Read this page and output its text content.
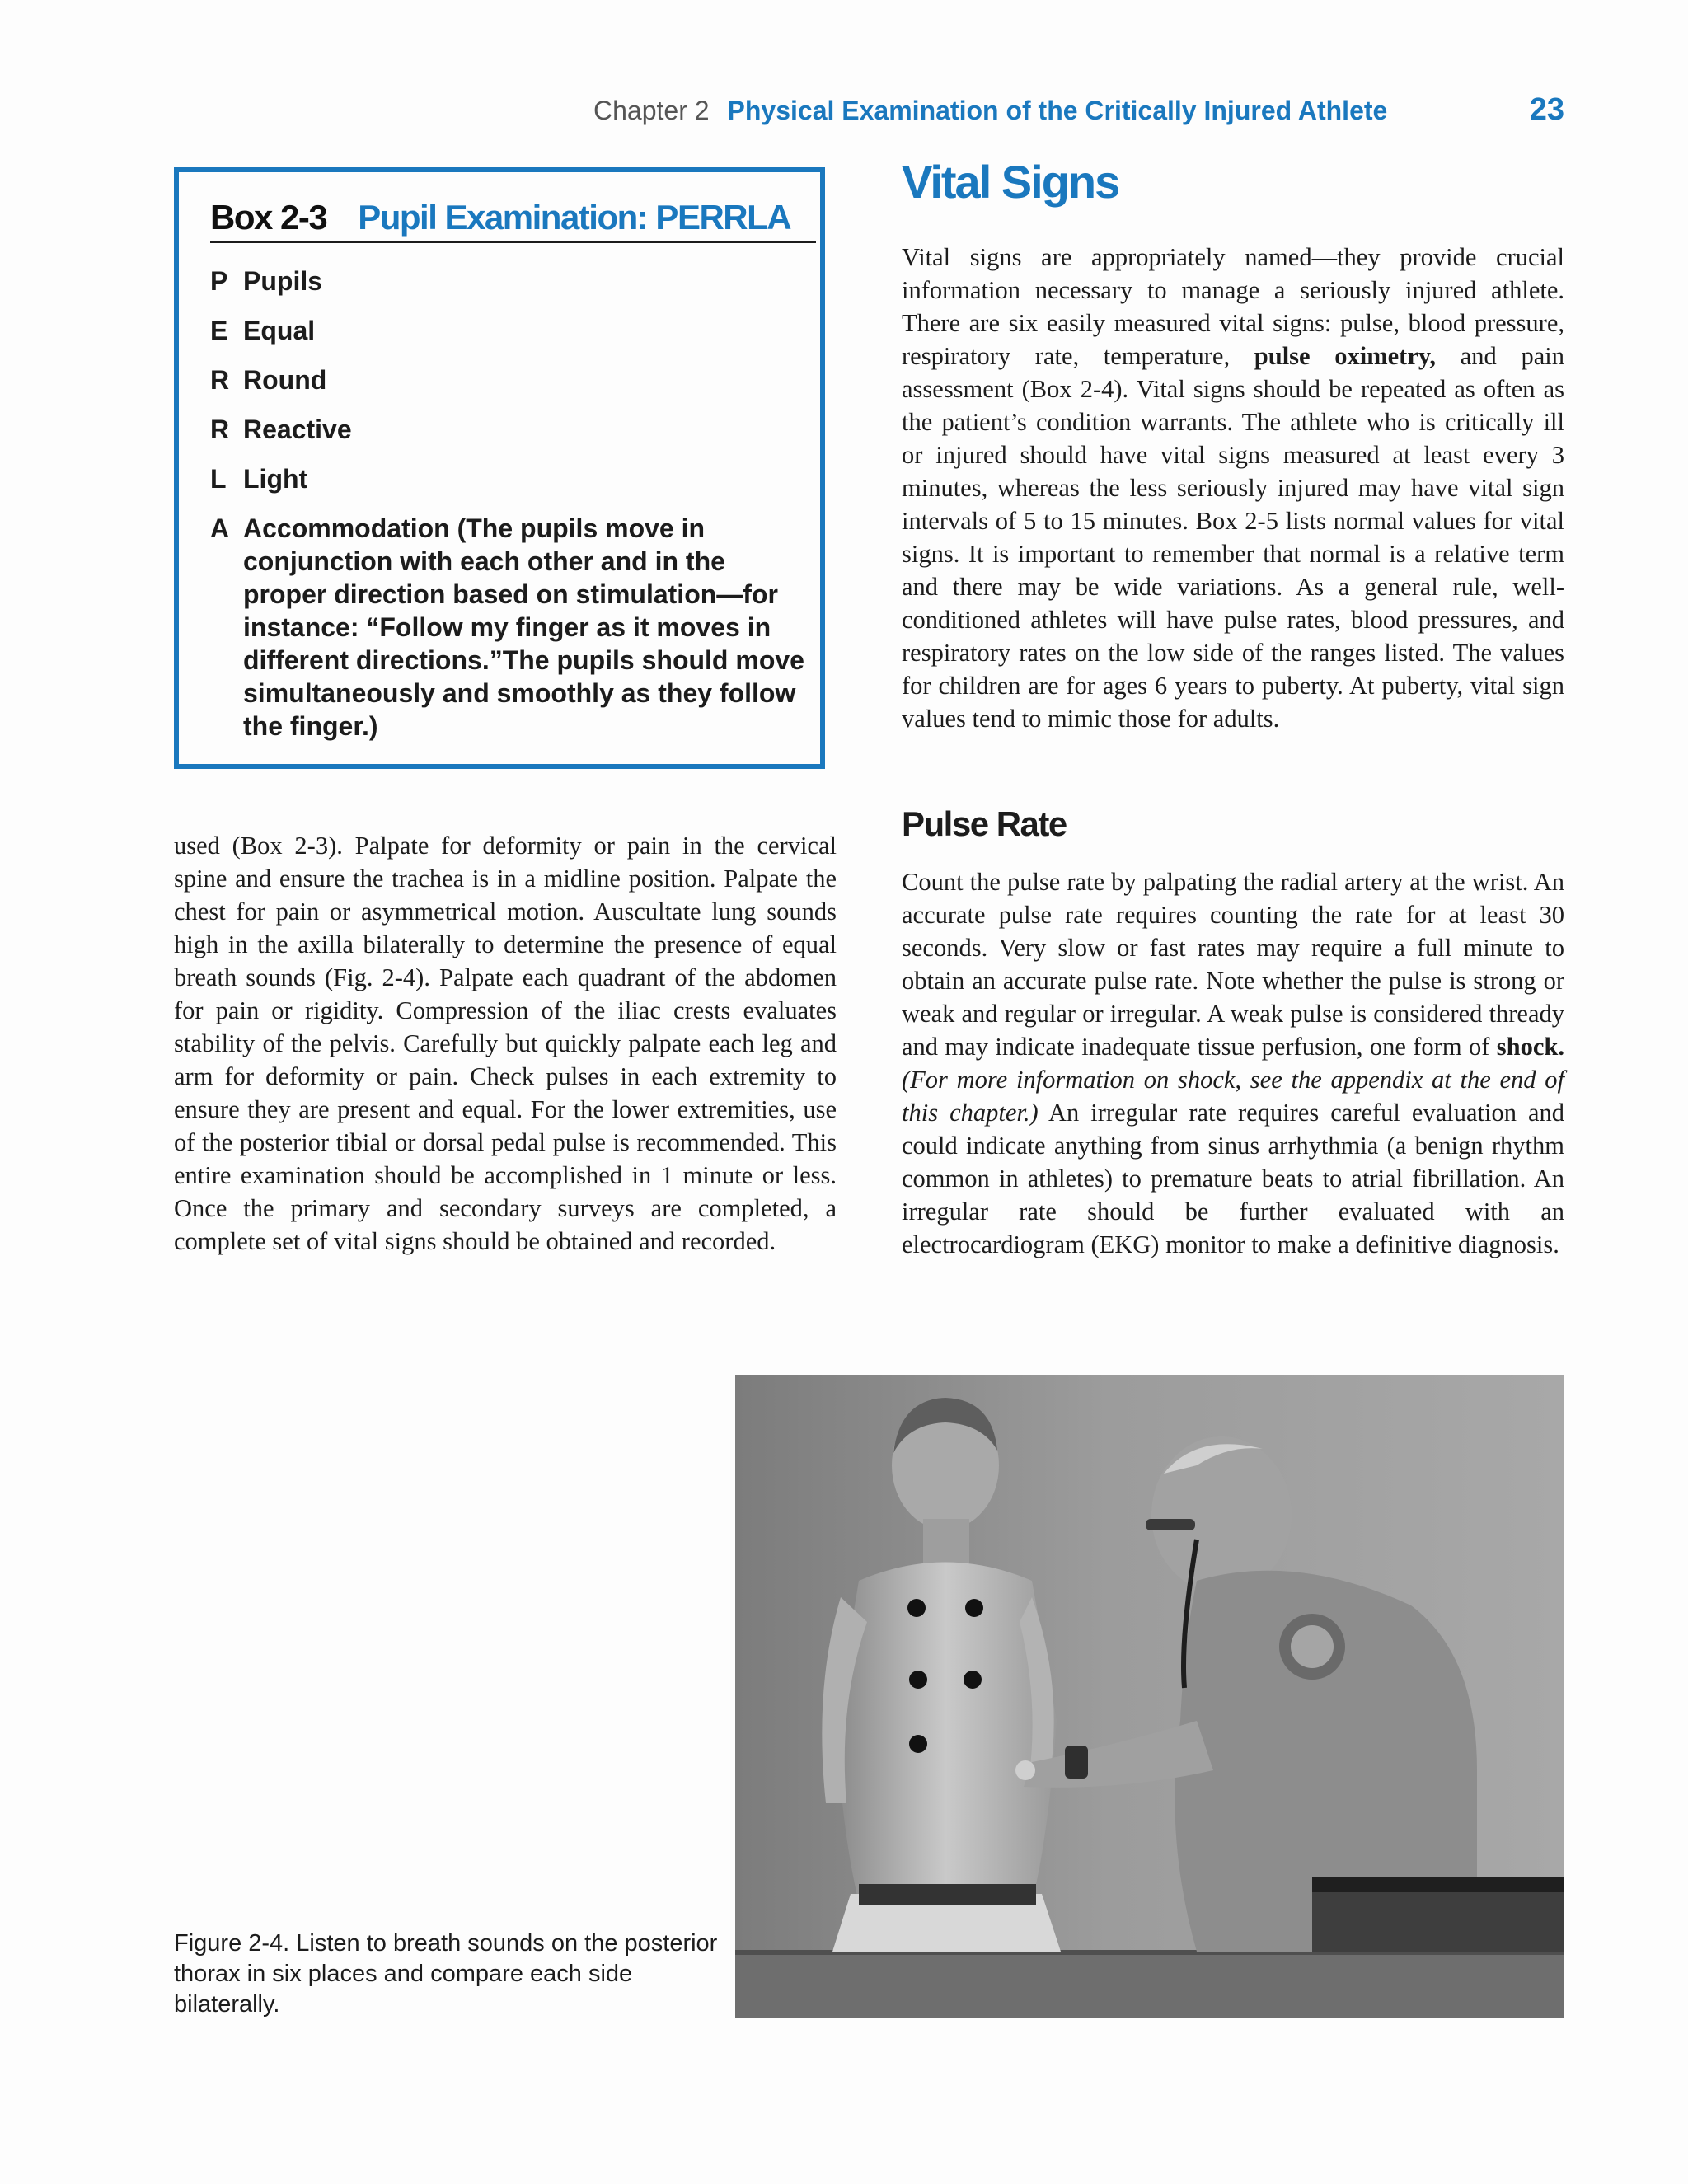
Chapter 2 Physical Examination of the Critically Injured Athlete	23
Box 2-3 Pupil Examination: PERRLA
P Pupils
E Equal
R Round
R Reactive
L Light
A Accommodation (The pupils move in conjunction with each other and in the proper direction based on stimulation—for instance: “Follow my finger as it moves in different directions.”The pupils should move simultaneously and smoothly as they follow the finger.)

used (Box 2-3). Palpate for deformity or pain in the cervical spine and ensure the trachea is in a midline position. Palpate the chest for pain or asymmetrical motion. Auscultate lung sounds high in the axilla bilaterally to determine the presence of equal breath sounds (Fig. 2-4). Palpate each quadrant of the abdomen for pain or rigidity. Compression of the iliac crests evaluates stability of the pelvis. Carefully but quickly palpate each leg and arm for deformity or pain. Check pulses in each extremity to ensure they are present and equal. For the lower extremities, use of the posterior tibial or dorsal pedal pulse is recommended. This entire examination should be accomplished in 1 minute or less. Once the primary and secondary surveys are completed, a complete set of vital signs should be obtained and recorded.

Vital Signs

Vital signs are appropriately named—they provide crucial information necessary to manage a seriously injured athlete. There are six easily measured vital signs: pulse, blood pressure, respiratory rate, temperature, pulse oximetry, and pain assessment (Box 2-4). Vital signs should be repeated as often as the patient’s condition warrants. The athlete who is critically ill or injured should have vital signs measured at least every 3 minutes, whereas the less seriously injured may have vital sign intervals of 5 to 15 minutes. Box 2-5 lists normal values for vital signs. It is important to remember that normal is a relative term and there may be wide variations. As a general rule, well-conditioned athletes will have pulse rates, blood pressures, and respiratory rates on the low side of the ranges listed. The values for children are for ages 6 years to puberty. At puberty, vital sign values tend to mimic those for adults.

Pulse Rate

Count the pulse rate by palpating the radial artery at the wrist. An accurate pulse rate requires counting the rate for at least 30 seconds. Very slow or fast rates may require a full minute to obtain an accurate pulse rate. Note whether the pulse is strong or weak and regular or irregular. A weak pulse is considered thready and may indicate inadequate tissue perfusion, one form of shock. (For more information on shock, see the appendix at the end of this chapter.) An irregular rate requires careful evaluation and could indicate anything from sinus arrhythmia (a benign rhythm common in athletes) to premature beats to atrial fibrillation. An irregular rate should be further evaluated with an electrocardiogram (EKG) monitor to make a definitive diagnosis.

Figure 2-4. Listen to breath sounds on the posterior thorax in six places and compare each side bilaterally.
